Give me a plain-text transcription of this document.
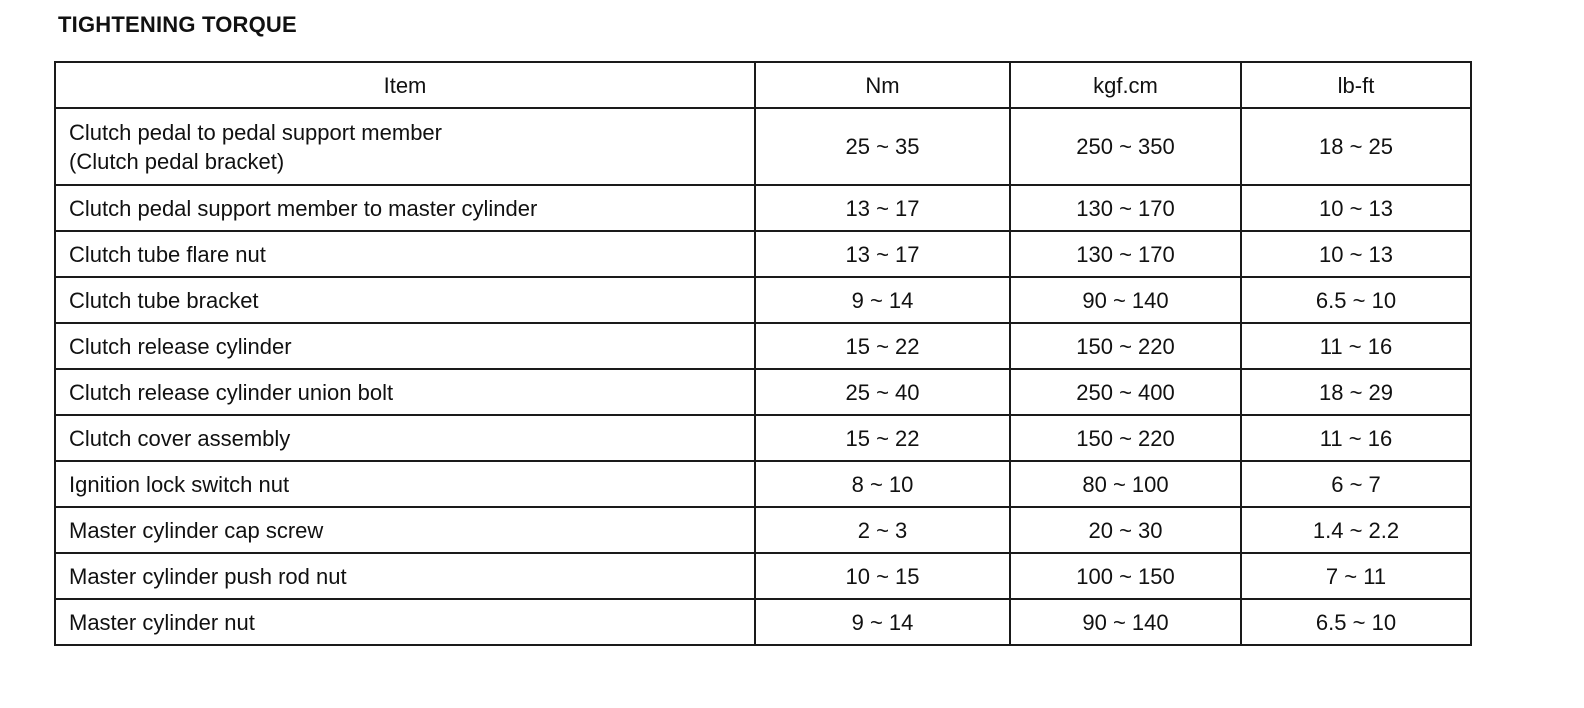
TIGHTENING TORQUE
Item	Nm	kgf.cm	lb-ft
Clutch pedal to pedal support member
(Clutch pedal bracket)	25 ~ 35	250 ~ 350	18 ~ 25
Clutch pedal support member to master cylinder	13 ~ 17	130 ~ 170	10 ~ 13
Clutch tube flare nut	13 ~ 17	130 ~ 170	10 ~ 13
Clutch tube bracket	9 ~ 14	90 ~ 140	6.5 ~ 10
Clutch release cylinder	15 ~ 22	150 ~ 220	11 ~ 16
Clutch release cylinder union bolt	25 ~ 40	250 ~ 400	18 ~ 29
Clutch cover assembly	15 ~ 22	150 ~ 220	11 ~ 16
Ignition lock switch nut	8 ~ 10	80 ~ 100	6 ~ 7
Master cylinder cap screw	2 ~ 3	20 ~ 30	1.4 ~ 2.2
Master cylinder push rod nut	10 ~ 15	100 ~ 150	7 ~ 11
Master cylinder nut	9 ~ 14	90 ~ 140	6.5 ~ 10
